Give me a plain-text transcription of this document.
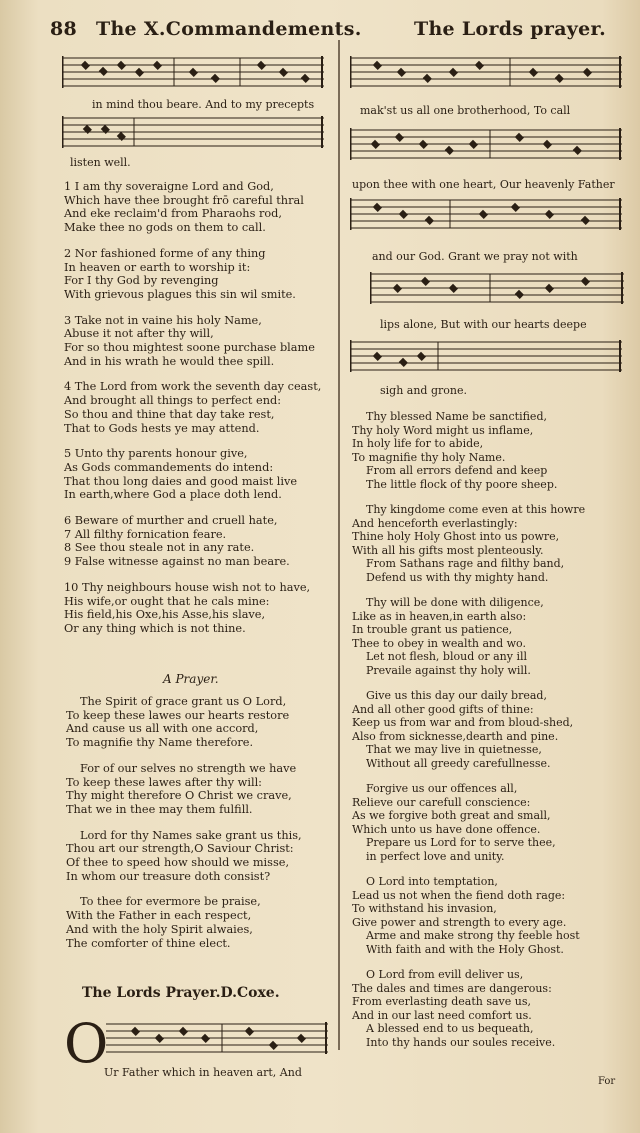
88 The X.Commandements.	The Lords prayer.
in mind thou beare. And to my precepts
listen well.

1 I am thy soveraigne Lord and God,

Which have thee brought frō careful thral

And eke reclaim'd from Pharaohs rod,

Make thee no gods on them to call.

2 Nor fashioned forme of any thing

In heaven or earth to worship it:

For I thy God by revenging

With grievous plagues this sin wil smite.

3 Take not in vaine his holy Name,

Abuse it not after thy will,

For so thou mightest soone purchase blame

And in his wrath he would thee spill.

4 The Lord from work the seventh day ceast,

And brought all things to perfect end:

So thou and thine that day take rest,

That to Gods hests ye may attend.

5 Unto thy parents honour give,

As Gods commandements do intend:

That thou long daies and good maist live

In earth,where God a place doth lend.

6 Beware of murther and cruell hate,

7 All filthy fornication feare.

8 See thou steale not in any rate.

9 False witnesse against no man beare.

10 Thy neighbours house wish not to have,

His wife,or ought that he cals mine:

His field,his Oxe,his Asse,his slave,

Or any thing which is not thine.

A Prayer.

The Spirit of grace grant us O Lord,

To keep these lawes our hearts restore

And cause us all with one accord,

To magnifie thy Name therefore.

For of our selves no strength we have

To keep these lawes after thy will:

Thy might therefore O Christ we crave,

That we in thee may them fulfill.

Lord for thy Names sake grant us this,

Thou art our strength,O Saviour Christ:

Of thee to speed how should we misse,

In whom our treasure doth consist?

To thee for evermore be praise,

With the Father in each respect,

And with the holy Spirit alwaies,

The comforter of thine elect.

The Lords Prayer.D.Coxe.
O
Ur Father which in heaven art, And
mak'st us all one brotherhood, To call
upon thee with one heart, Our heavenly Father
and our God. Grant we pray not with
lips alone, But with our hearts deepe
sigh and grone.

Thy blessed Name be sanctified,

Thy holy Word might us inflame,

In holy life for to abide,

To magnifie thy holy Name.

From all errors defend and keep

The little flock of thy poore sheep.

Thy kingdome come even at this howre

And henceforth everlastingly:

Thine holy Holy Ghost into us powre,

With all his gifts most plenteously.

From Sathans rage and filthy band,

Defend us with thy mighty hand.

Thy will be done with diligence,

Like as in heaven,in earth also:

In trouble grant us patience,

Thee to obey in wealth and wo.

Let not flesh, bloud or any ill

Prevaile against thy holy will.

Give us this day our daily bread,

And all other good gifts of thine:

Keep us from war and from bloud-shed,

Also from sicknesse,dearth and pine.

That we may live in quietnesse,

Without all greedy carefullnesse.

Forgive us our offences all,

Relieve our carefull conscience:

As we forgive both great and small,

Which unto us have done offence.

Prepare us Lord for to serve thee,

in perfect love and unity.

O Lord into temptation,

Lead us not when the fiend doth rage:

To withstand his invasion,

Give power and strength to every age.

Arme and make strong thy feeble host

With faith and with the Holy Ghost.

O Lord from evill deliver us,

The dales and times are dangerous:

From everlasting death save us,

And in our last need comfort us.

A blessed end to us bequeath,

Into thy hands our soules receive.

For
